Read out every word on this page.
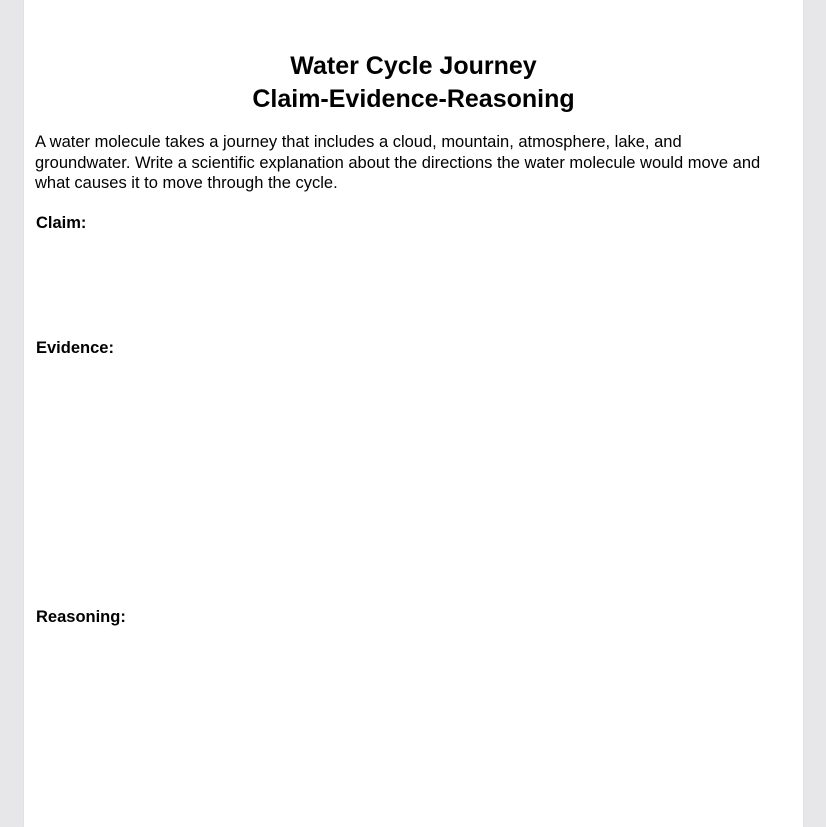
Water Cycle Journey
Claim-Evidence-Reasoning

A water molecule takes a journey that includes a cloud, mountain, atmosphere, lake, and groundwater. Write a scientific explanation about the directions the water molecule would move and what causes it to move through the cycle.

Claim:

Evidence:

Reasoning:
